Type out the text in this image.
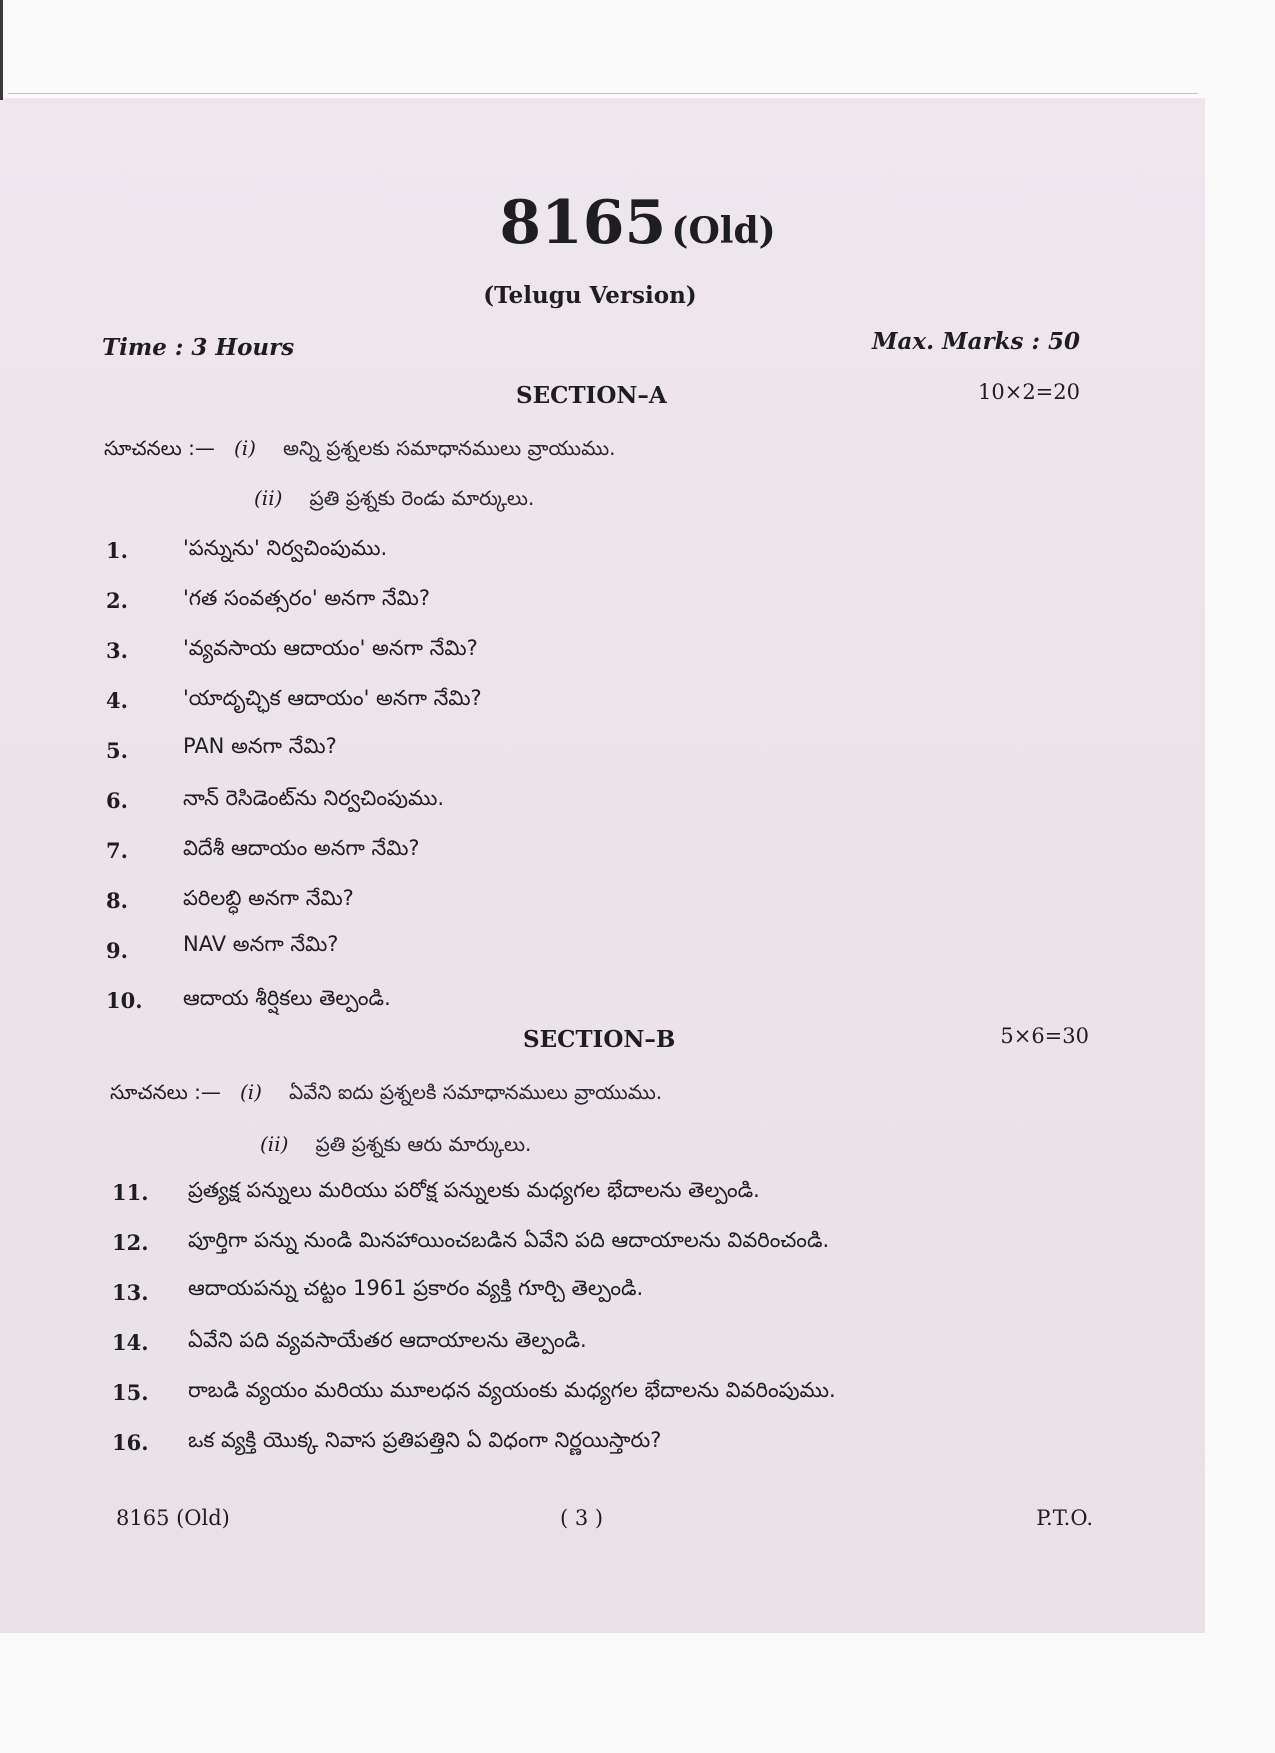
8165 (Old)
(Telugu Version)
Time : 3 Hours	Max. Marks : 50
SECTION–A	10×2=20
సూచనలు :— (i) అన్ని ప్రశ్నలకు సమాధానములు వ్రాయుము.
(ii) ప్రతి ప్రశ్నకు రెండు మార్కులు.
1.	'పన్నును' నిర్వచింపుము.
2.	'గత సంవత్సరం' అనగా నేమి?
3.	'వ్యవసాయ ఆదాయం' అనగా నేమి?
4.	'యాదృచ్ఛిక ఆదాయం' అనగా నేమి?
5.	PAN అనగా నేమి?
6.	నాన్ రెసిడెంట్‌ను నిర్వచింపుము.
7.	విదేశీ ఆదాయం అనగా నేమి?
8.	పరిలబ్ధి అనగా నేమి?
9.	NAV అనగా నేమి?
10. ఆదాయ శీర్షికలు తెల్పండి.
SECTION–B	5×6=30
సూచనలు :— (i) ఏవేని ఐదు ప్రశ్నలకి సమాధానములు వ్రాయుము.
(ii) ప్రతి ప్రశ్నకు ఆరు మార్కులు.
11. ప్రత్యక్ష పన్నులు మరియు పరోక్ష పన్నులకు మధ్యగల భేదాలను తెల్పండి.
12. పూర్తిగా పన్ను నుండి మినహాయించబడిన ఏవేని పది ఆదాయాలను వివరించండి.
13. ఆదాయపన్ను చట్టం 1961 ప్రకారం వ్యక్తి గూర్చి తెల్పండి.
14. ఏవేని పది వ్యవసాయేతర ఆదాయాలను తెల్పండి.
15. రాబడి వ్యయం మరియు మూలధన వ్యయంకు మధ్యగల భేదాలను వివరింపుము.
16. ఒక వ్యక్తి యొక్క నివాస ప్రతిపత్తిని ఏ విధంగా నిర్ణయిస్తారు?
8165 (Old)	( 3 )	P.T.O.
